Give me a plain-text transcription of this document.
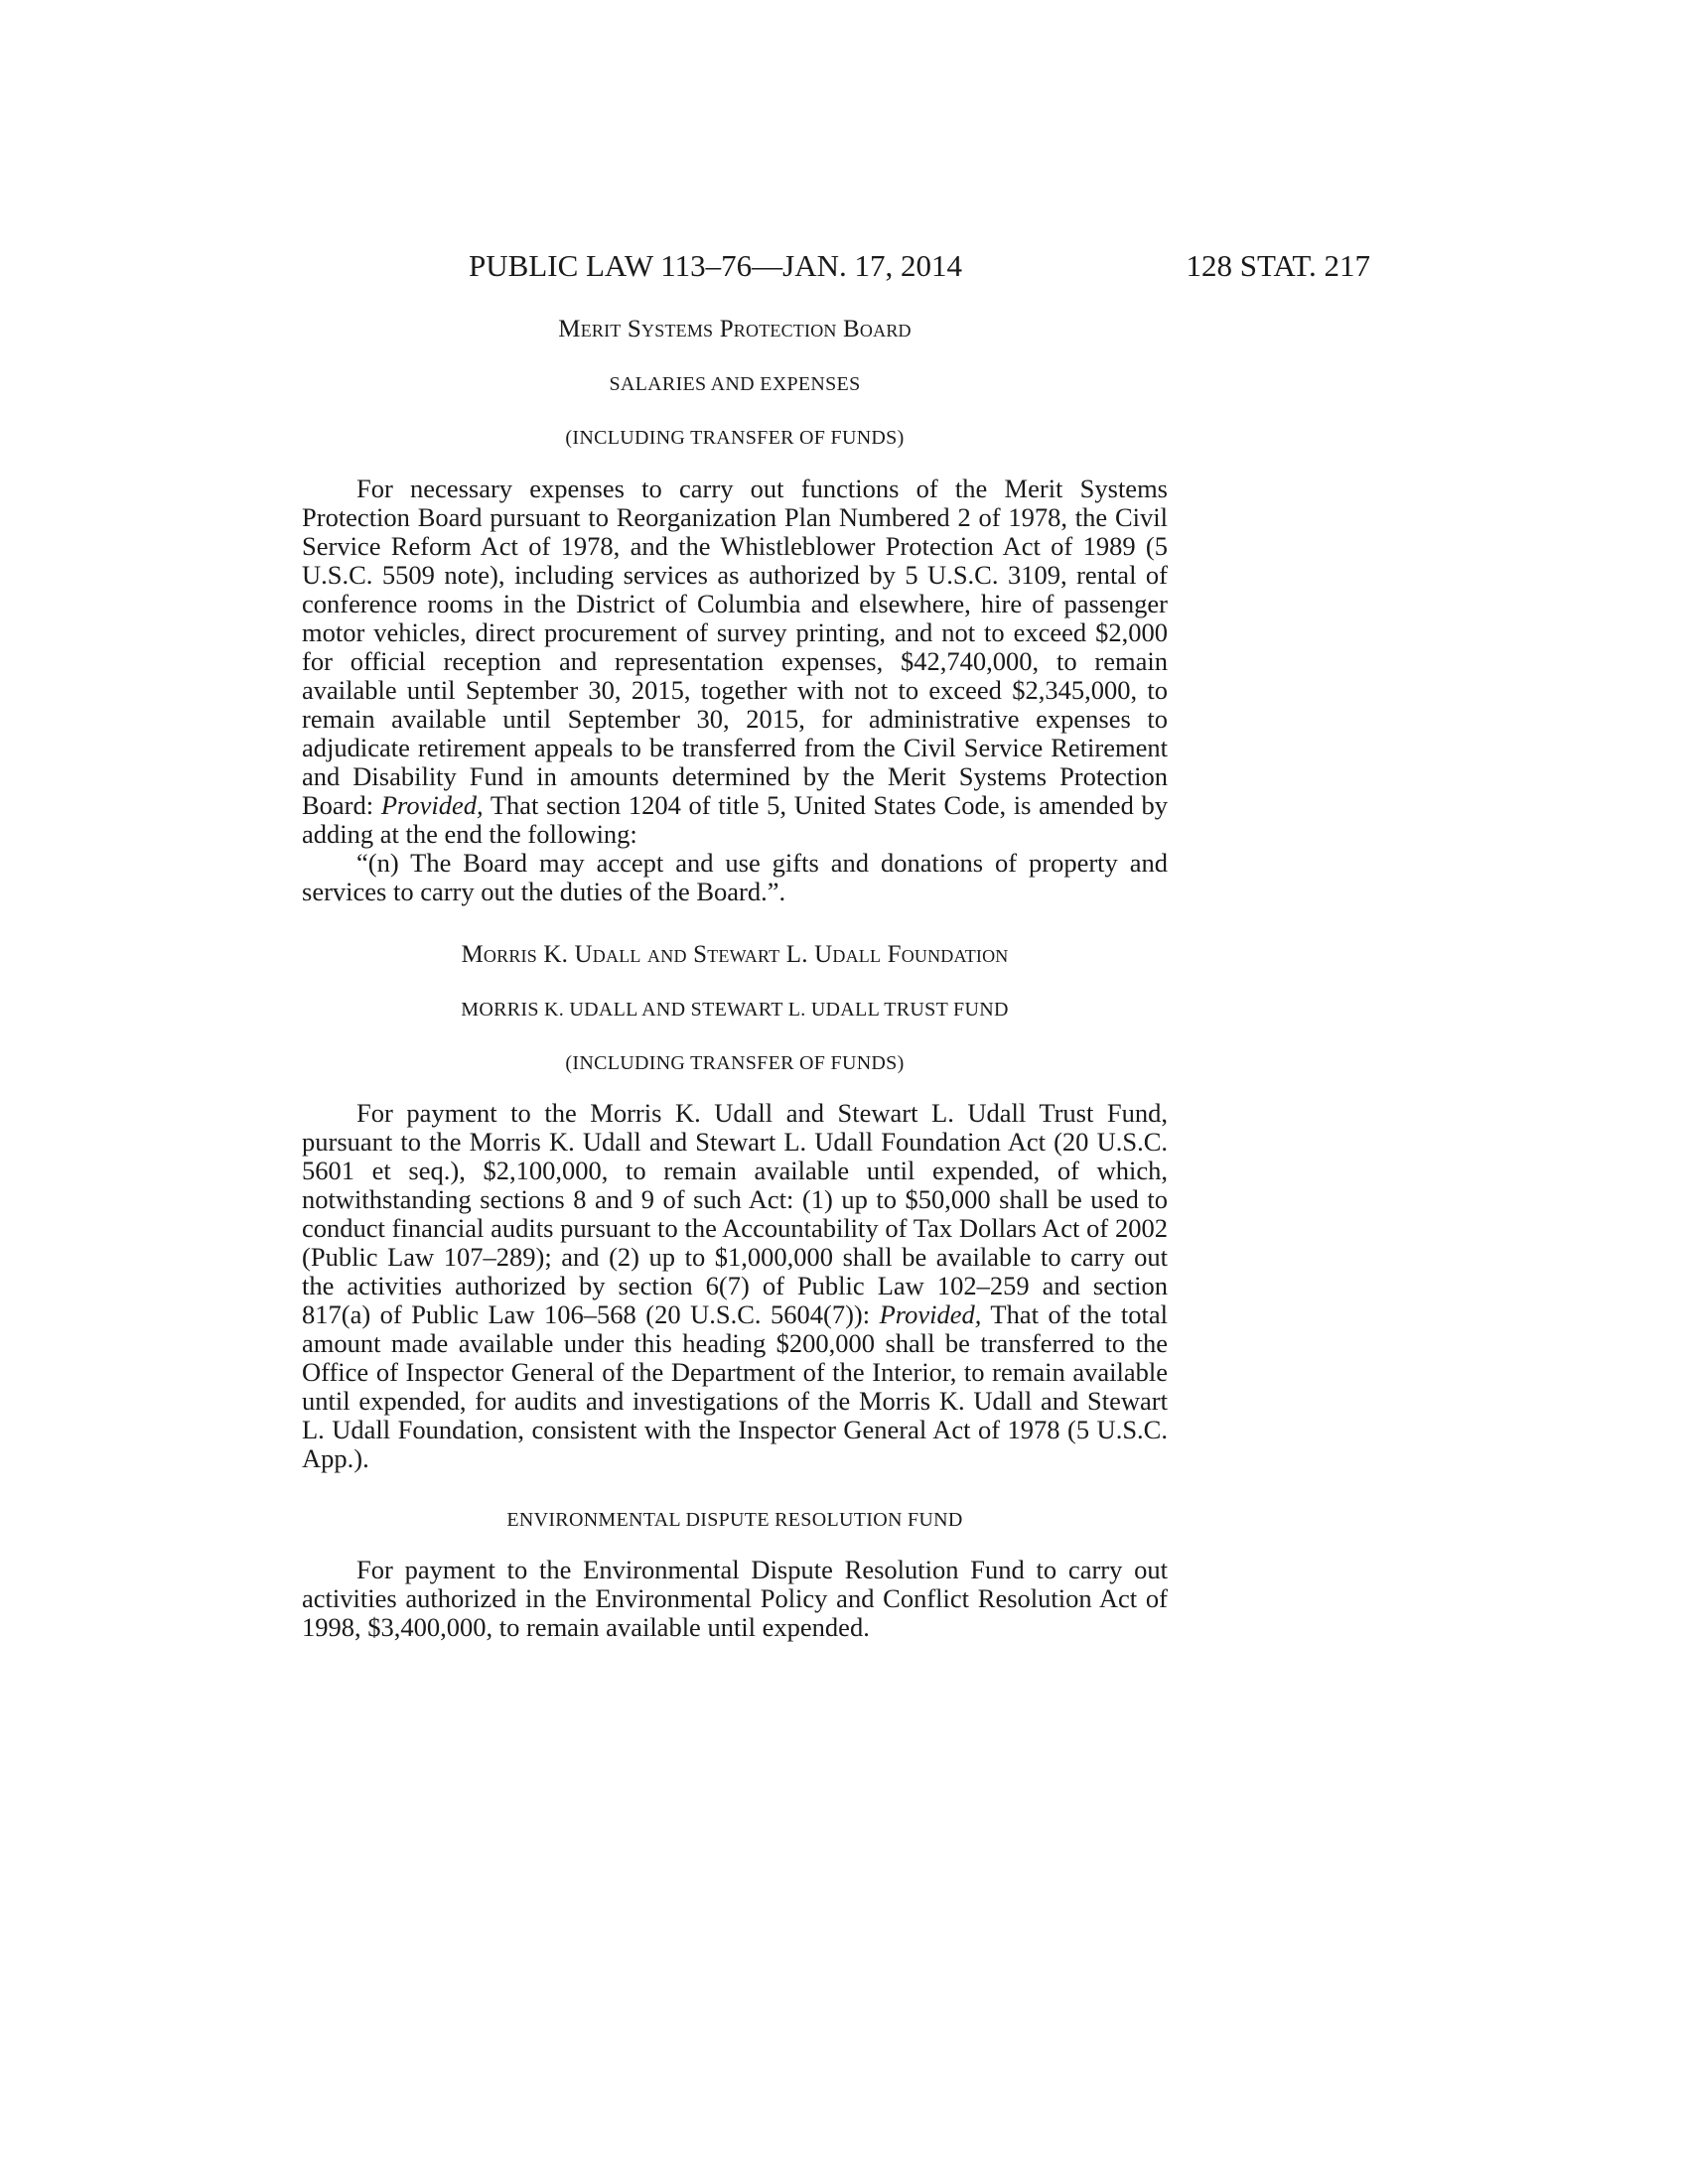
PUBLIC LAW 113–76—JAN. 17, 2014	128 STAT. 217

Merit Systems Protection Board

SALARIES AND EXPENSES

(INCLUDING TRANSFER OF FUNDS)

For necessary expenses to carry out functions of the Merit Systems Protection Board pursuant to Reorganization Plan Numbered 2 of 1978, the Civil Service Reform Act of 1978, and the Whistleblower Protection Act of 1989 (5 U.S.C. 5509 note), including services as authorized by 5 U.S.C. 3109, rental of conference rooms in the District of Columbia and elsewhere, hire of passenger motor vehicles, direct procurement of survey printing, and not to exceed $2,000 for official reception and representation expenses, $42,740,000, to remain available until September 30, 2015, together with not to exceed $2,345,000, to remain available until September 30, 2015, for administrative expenses to adjudicate retirement appeals to be transferred from the Civil Service Retirement and Disability Fund in amounts determined by the Merit Systems Protection Board: Provided, That section 1204 of title 5, United States Code, is amended by adding at the end the following:

“(n) The Board may accept and use gifts and donations of property and services to carry out the duties of the Board.”.

Morris K. Udall and Stewart L. Udall Foundation

MORRIS K. UDALL AND STEWART L. UDALL TRUST FUND

(INCLUDING TRANSFER OF FUNDS)

For payment to the Morris K. Udall and Stewart L. Udall Trust Fund, pursuant to the Morris K. Udall and Stewart L. Udall Foundation Act (20 U.S.C. 5601 et seq.), $2,100,000, to remain available until expended, of which, notwithstanding sections 8 and 9 of such Act: (1) up to $50,000 shall be used to conduct financial audits pursuant to the Accountability of Tax Dollars Act of 2002 (Public Law 107–289); and (2) up to $1,000,000 shall be available to carry out the activities authorized by section 6(7) of Public Law 102–259 and section 817(a) of Public Law 106–568 (20 U.S.C. 5604(7)): Provided, That of the total amount made available under this heading $200,000 shall be transferred to the Office of Inspector General of the Department of the Interior, to remain available until expended, for audits and investigations of the Morris K. Udall and Stewart L. Udall Foundation, consistent with the Inspector General Act of 1978 (5 U.S.C. App.).

ENVIRONMENTAL DISPUTE RESOLUTION FUND

For payment to the Environmental Dispute Resolution Fund to carry out activities authorized in the Environmental Policy and Conflict Resolution Act of 1998, $3,400,000, to remain available until expended.
